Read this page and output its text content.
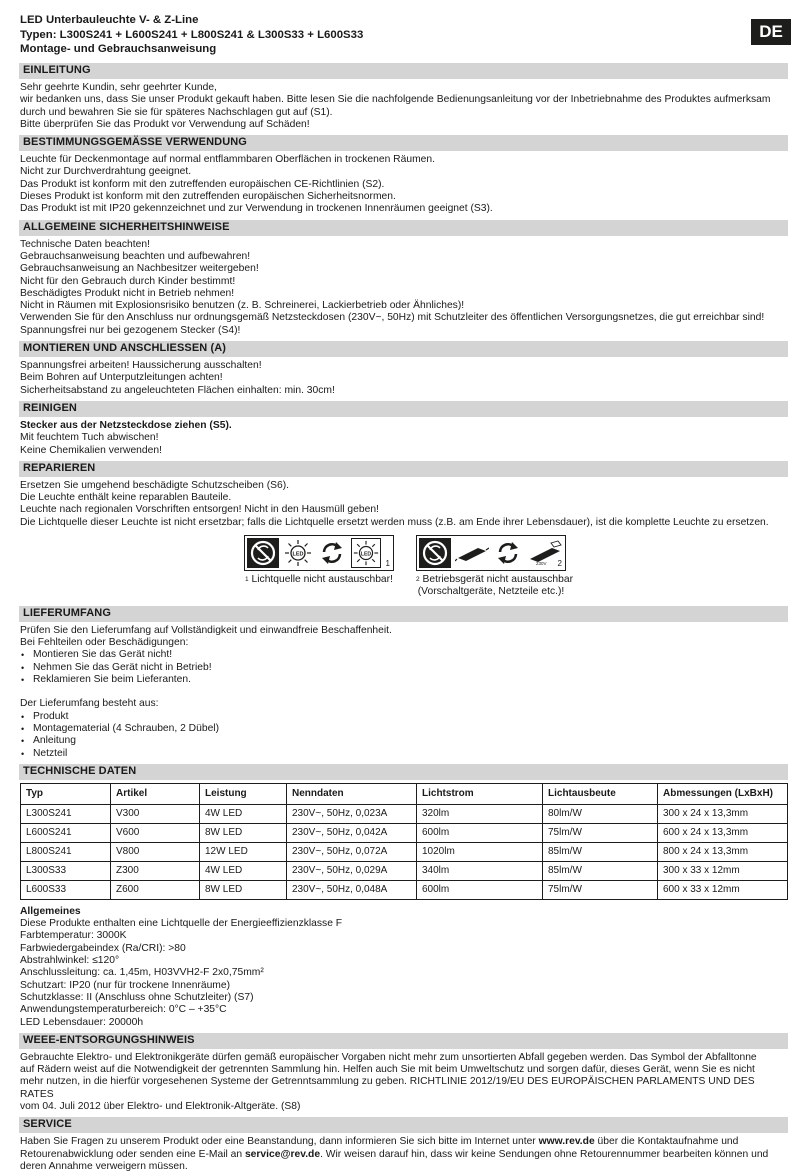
LED Unterbauleuchte V- & Z-Line
Typen: L300S241 + L600S241 + L800S241 & L300S33 + L600S33
Montage- und Gebrauchsanweisung
DE
EINLEITUNG
Sehr geehrte Kundin, sehr geehrter Kunde,
wir bedanken uns, dass Sie unser Produkt gekauft haben. Bitte lesen Sie die nachfolgende Bedienungsanleitung vor der Inbetriebnahme des Produktes aufmerksam
durch und bewahren Sie sie für späteres Nachschlagen gut auf (S1).
Bitte überprüfen Sie das Produkt vor Verwendung auf Schäden!
BESTIMMUNGSGEMÄSSE VERWENDUNG
Leuchte für Deckenmontage auf normal entflammbaren Oberflächen in trockenen Räumen.
Nicht zur Durchverdrahtung geeignet.
Das Produkt ist konform mit den zutreffenden europäischen CE-Richtlinien (S2).
Dieses Produkt ist konform mit den zutreffenden europäischen Sicherheitsnormen.
Das Produkt ist mit IP20 gekennzeichnet und zur Verwendung in trockenen Innenräumen geeignet (S3).
ALLGEMEINE SICHERHEITSHINWEISE
Technische Daten beachten!
Gebrauchsanweisung beachten und aufbewahren!
Gebrauchsanweisung an Nachbesitzer weitergeben!
Nicht für den Gebrauch durch Kinder bestimmt!
Beschädigtes Produkt nicht in Betrieb nehmen!
Nicht in Räumen mit Explosionsrisiko benutzen (z. B. Schreinerei, Lackierbetrieb oder Ähnliches)!
Verwenden Sie für den Anschluss nur ordnungsgemäß Netzsteckdosen (230V~, 50Hz) mit Schutzleiter des öffentlichen Versorgungsnetzes, die gut erreichbar sind!
Spannungsfrei nur bei gezogenem Stecker (S4)!
MONTIEREN UND ANSCHLIESSEN (A)
Spannungsfrei arbeiten! Haussicherung ausschalten!
Beim Bohren auf Unterputzleitungen achten!
Sicherheitsabstand zu angeleuchteten Flächen einhalten: min. 30cm!
REINIGEN
Stecker aus der Netzsteckdose ziehen (S5).
Mit feuchtem Tuch abwischen!
Keine Chemikalien verwenden!
REPARIEREN
Ersetzen Sie umgehend beschädigte Schutzscheiben (S6).
Die Leuchte enthält keine reparablen Bauteile.
Leuchte nach regionalen Vorschriften entsorgen! Nicht in den Hausmüll geben!
Die Lichtquelle dieser Leuchte ist nicht ersetzbar; falls die Lichtquelle ersetzt werden muss (z.B. am Ende ihrer Lebensdauer), ist die komplette Leuchte zu ersetzen.
LED	LED
1
$^1$ Lichtquelle nicht austauschbar!
230V 2
$^2$ Betriebsgerät nicht austauschbar
(Vorschaltgeräte, Netzteile etc.)!
LIEFERUMFANG
Prüfen Sie den Lieferumfang auf Vollständigkeit und einwandfreie Beschaffenheit.
Bei Fehlteilen oder Beschädigungen:
• Montieren Sie das Gerät nicht!
• Nehmen Sie das Gerät nicht in Betrieb!
• Reklamieren Sie beim Lieferanten.
Der Lieferumfang besteht aus:
• Produkt
• Montagematerial (4 Schrauben, 2 Dübel)
• Anleitung
• Netzteil
TECHNISCHE DATEN
Typ	Artikel	Leistung	Nenndaten	Lichtstrom	Lichtausbeute	Abmessungen (LxBxH)
L300S241	V300	4W LED	230V~, 50Hz, 0,023A	320lm	80lm/W	300 x 24 x 13,3mm
L600S241	V600	8W LED	230V~, 50Hz, 0,042A	600lm	75lm/W	600 x 24 x 13,3mm
L800S241	V800	12W LED	230V~, 50Hz, 0,072A	1020lm	85lm/W	800 x 24 x 13,3mm
L300S33	Z300	4W LED	230V~, 50Hz, 0,029A	340lm	85lm/W	300 x 33 x 12mm
L600S33	Z600	8W LED	230V~, 50Hz, 0,048A	600lm	75lm/W	600 x 33 x 12mm
Allgemeines
Diese Produkte enthalten eine Lichtquelle der Energieeffizienzklasse F
Farbtemperatur: 3000K
Farbwiedergabeindex (Ra/CRI): >80
Abstrahlwinkel: ≤120°
Anschlussleitung: ca. 1,45m, H03VVH2-F 2x0,75mm²
Schutzart: IP20 (nur für trockene Innenräume)
Schutzklasse: II (Anschluss ohne Schutzleiter) (S7)
Anwendungstemperaturbereich: 0°C – +35°C
LED Lebensdauer: 20000h
WEEE-ENTSORGUNGSHINWEIS
Gebrauchte Elektro- und Elektronikgeräte dürfen gemäß europäischer Vorgaben nicht mehr zum unsortierten Abfall gegeben werden. Das Symbol der Abfalltonne
auf Rädern weist auf die Notwendigkeit der getrennten Sammlung hin. Helfen auch Sie mit beim Umweltschutz und sorgen dafür, dieses Gerät, wenn Sie es nicht
mehr nutzen, in die hierfür vorgesehenen Systeme der Getrenntsammlung zu geben. RICHTLINIE 2012/19/EU DES EUROPÄISCHEN PARLAMENTS UND DES RATES
vom 04. Juli 2012 über Elektro- und Elektronik-Altgeräte. (S8)
SERVICE
Haben Sie Fragen zu unserem Produkt oder eine Beanstandung, dann informieren Sie sich bitte im Internet unter www.rev.de über die Kontaktaufnahme und
Retourenabwicklung oder senden eine E-Mail an service@rev.de. Wir weisen darauf hin, dass wir keine Sendungen ohne Retourennummer bearbeiten können und
deren Annahme verweigern müssen.
